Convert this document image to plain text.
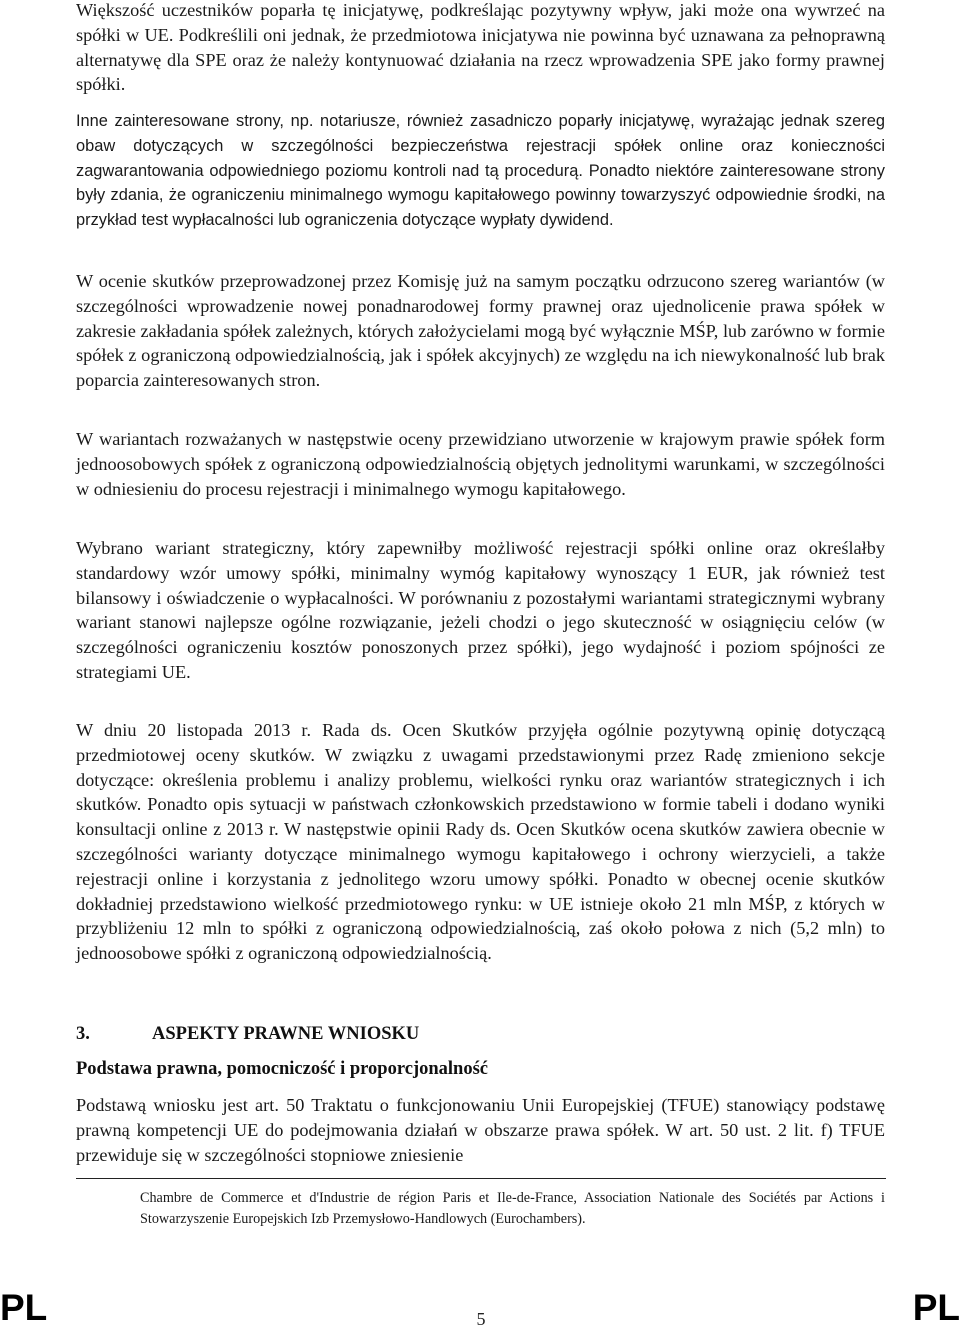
Większość uczestników poparła tę inicjatywę, podkreślając pozytywny wpływ, jaki może ona wywrzeć na spółki w UE. Podkreślili oni jednak, że przedmiotowa inicjatywa nie powinna być uznawana za pełnoprawną alternatywę dla SPE oraz że należy kontynuować działania na rzecz wprowadzenia SPE jako formy prawnej spółki.

Inne zainteresowane strony, np. notariusze, również zasadniczo poparły inicjatywę, wyrażając jednak szereg obaw dotyczących w szczególności bezpieczeństwa rejestracji spółek online oraz konieczności zagwarantowania odpowiedniego poziomu kontroli nad tą procedurą. Ponadto niektóre zainteresowane strony były zdania, że ograniczeniu minimalnego wymogu kapitałowego powinny towarzyszyć odpowiednie środki, na przykład test wypłacalności lub ograniczenia dotyczące wypłaty dywidend.

W ocenie skutków przeprowadzonej przez Komisję już na samym początku odrzucono szereg wariantów (w szczególności wprowadzenie nowej ponadnarodowej formy prawnej oraz ujednolicenie prawa spółek w zakresie zakładania spółek zależnych, których założycielami mogą być wyłącznie MŚP, lub zarówno w formie spółek z ograniczoną odpowiedzialnością, jak i spółek akcyjnych) ze względu na ich niewykonalność lub brak poparcia zainteresowanych stron.

W wariantach rozważanych w następstwie oceny przewidziano utworzenie w krajowym prawie spółek form jednoosobowych spółek z ograniczoną odpowiedzialnością objętych jednolitymi warunkami, w szczególności w odniesieniu do procesu rejestracji i minimalnego wymogu kapitałowego.

Wybrano wariant strategiczny, który zapewniłby możliwość rejestracji spółki online oraz określałby standardowy wzór umowy spółki, minimalny wymóg kapitałowy wynoszący 1 EUR, jak również test bilansowy i oświadczenie o wypłacalności. W porównaniu z pozostałymi wariantami strategicznymi wybrany wariant stanowi najlepsze ogólne rozwiązanie, jeżeli chodzi o jego skuteczność w osiągnięciu celów (w szczególności ograniczeniu kosztów ponoszonych przez spółki), jego wydajność i poziom spójności ze strategiami UE.

W dniu 20 listopada 2013 r. Rada ds. Ocen Skutków przyjęła ogólnie pozytywną opinię dotyczącą przedmiotowej oceny skutków. W związku z uwagami przedstawionymi przez Radę zmieniono sekcje dotyczące: określenia problemu i analizy problemu, wielkości rynku oraz wariantów strategicznych i ich skutków. Ponadto opis sytuacji w państwach członkowskich przedstawiono w formie tabeli i dodano wyniki konsultacji online z 2013 r. W następstwie opinii Rady ds. Ocen Skutków ocena skutków zawiera obecnie w szczególności warianty dotyczące minimalnego wymogu kapitałowego i ochrony wierzycieli, a także rejestracji online i korzystania z jednolitego wzoru umowy spółki. Ponadto w obecnej ocenie skutków dokładniej przedstawiono wielkość przedmiotowego rynku: w UE istnieje około 21 mln MŚP, z których w przybliżeniu 12 mln to spółki z ograniczoną odpowiedzialnością, zaś około połowa z nich (5,2 mln) to jednoosobowe spółki z ograniczoną odpowiedzialnością.

3.	ASPEKTY PRAWNE WNIOSKU
Podstawa prawna, pomocniczość i proporcjonalność

Podstawą wniosku jest art. 50 Traktatu o funkcjonowaniu Unii Europejskiej (TFUE) stanowiący podstawę prawną kompetencji UE do podejmowania działań w obszarze prawa spółek. W art. 50 ust. 2 lit. f) TFUE przewiduje się w szczególności stopniowe zniesienie

Chambre de Commerce et d'Industrie de région Paris et Ile-de-France, Association Nationale des Sociétés par Actions i Stowarzyszenie Europejskich Izb Przemysłowo-Handlowych (Eurochambers).

PL	5	PL
